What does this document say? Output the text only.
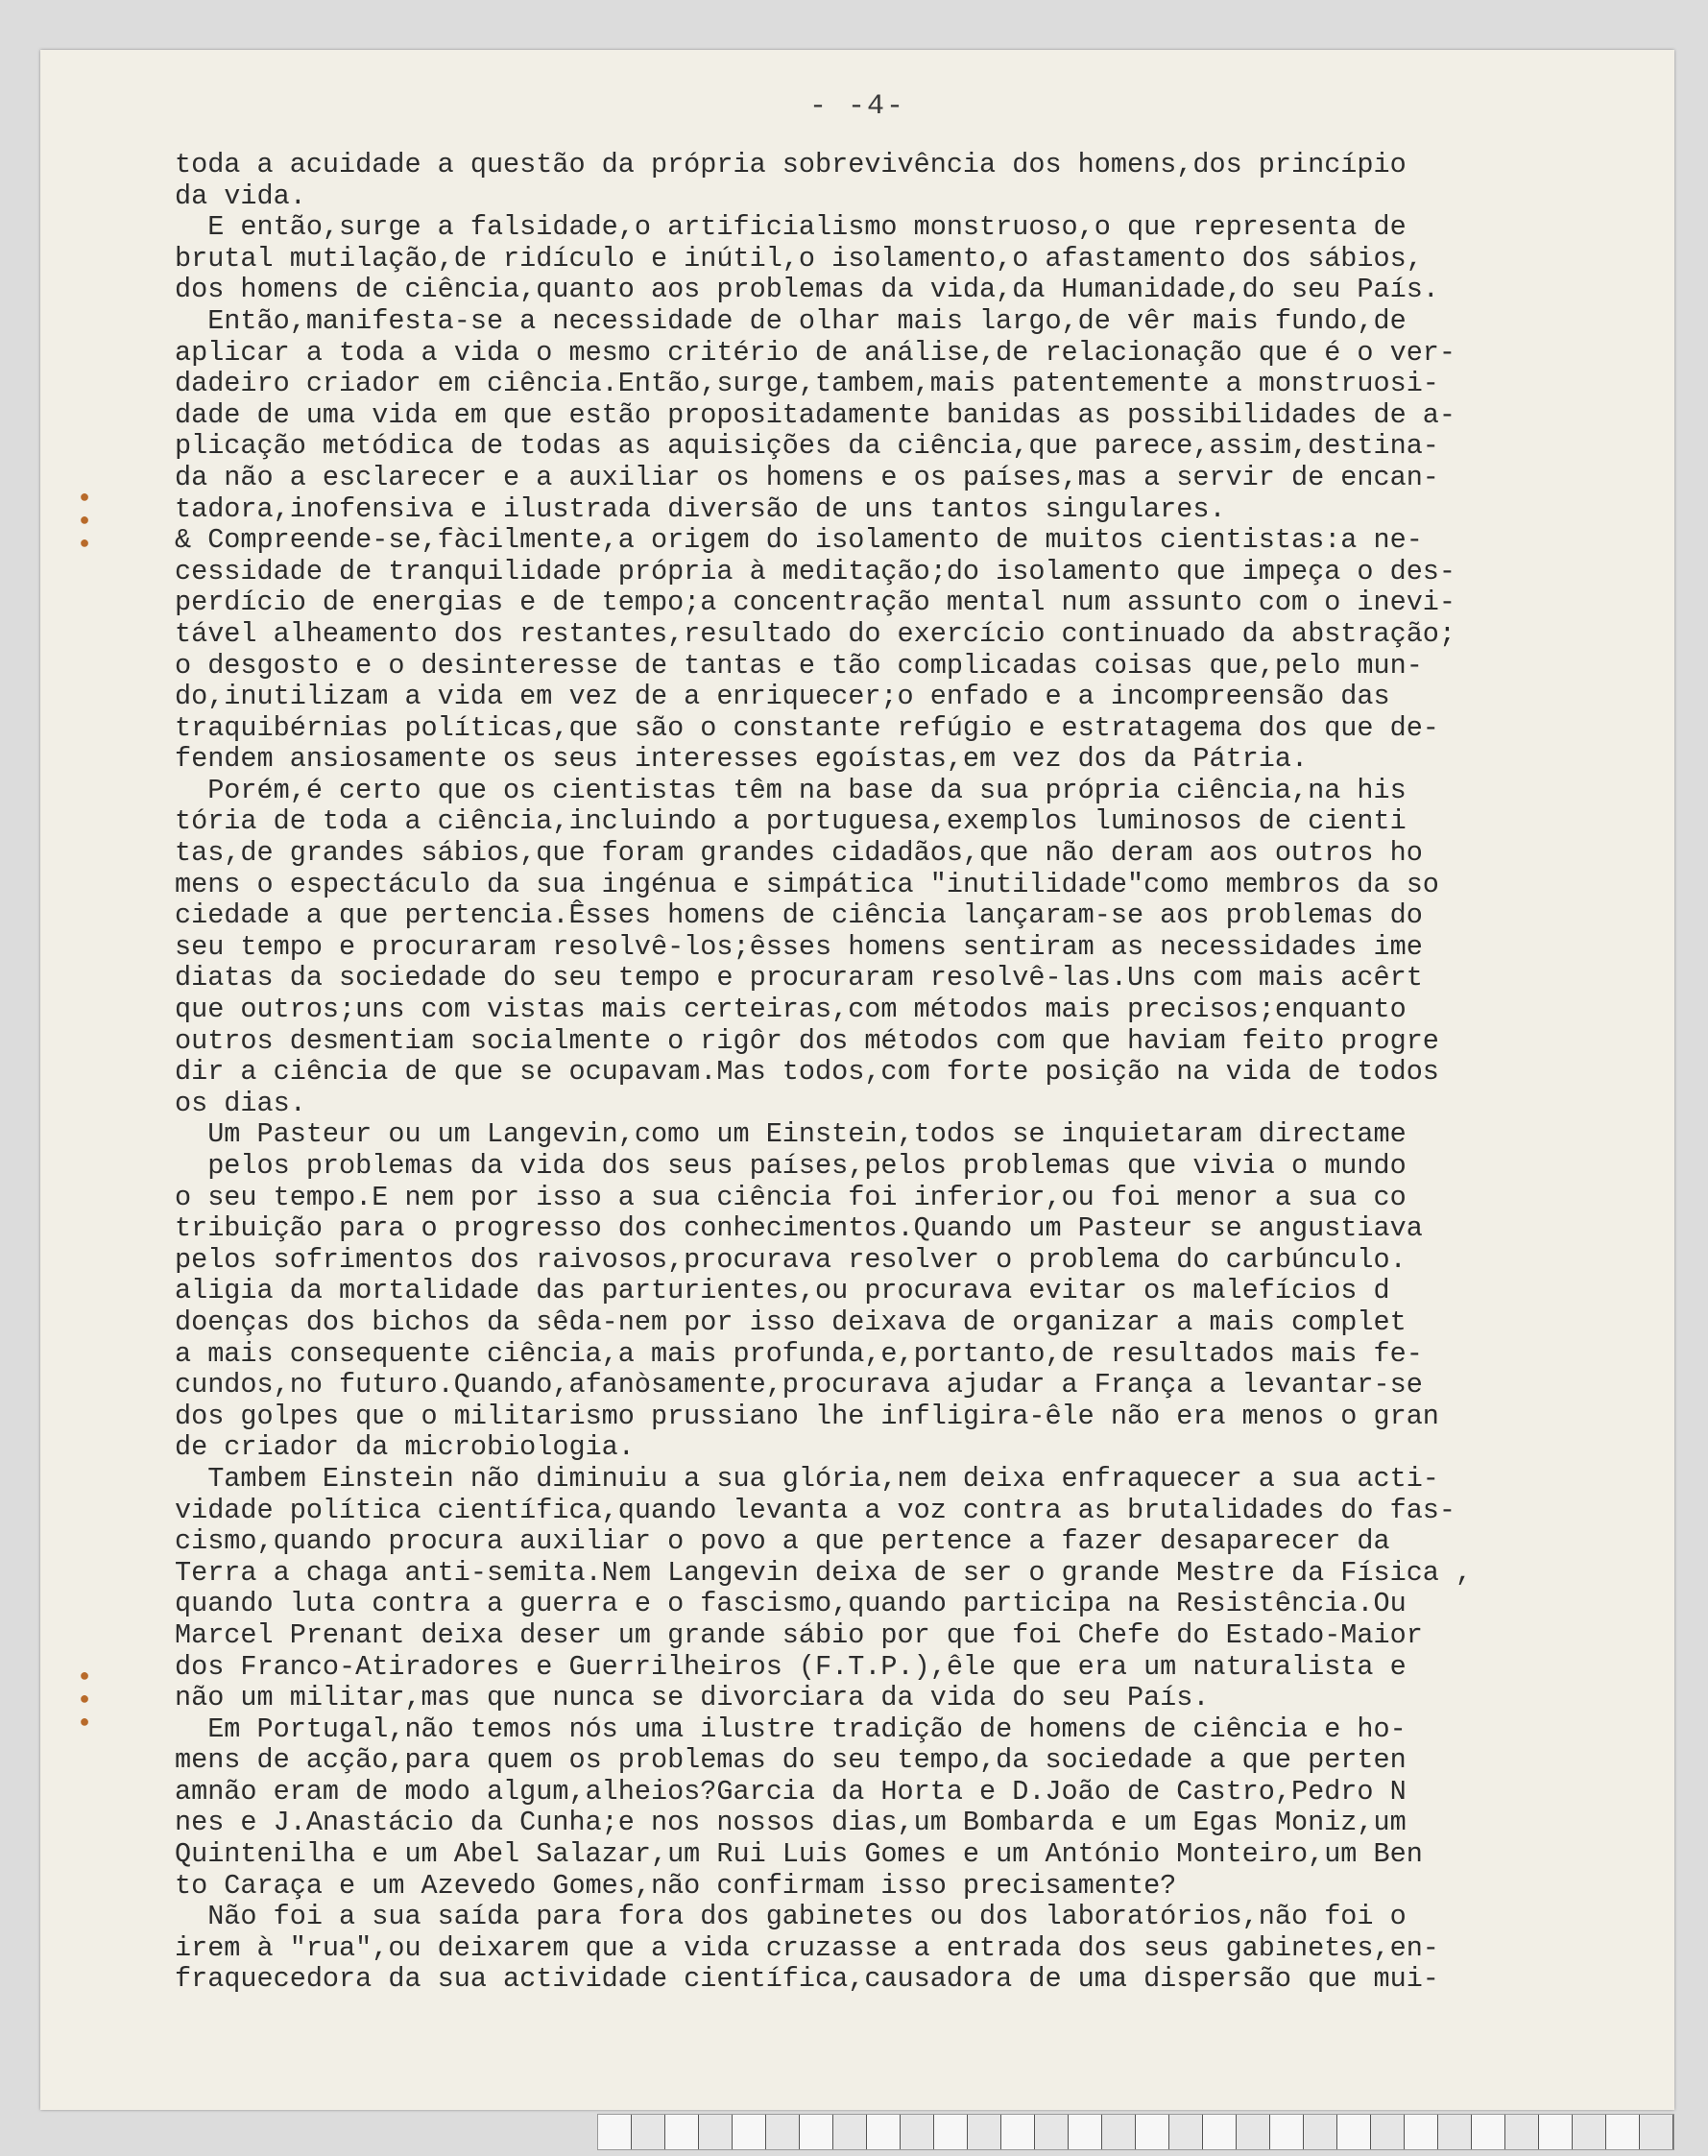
- -4-
●
●
●
●
●
●
toda a acuidade a questão da própria sobrevivência dos homens,dos princípio
da vida.
E então,surge a falsidade,o artificialismo monstruoso,o que representa de
brutal mutilação,de ridículo e inútil,o isolamento,o afastamento dos sábios,
dos homens de ciência,quanto aos problemas da vida,da Humanidade,do seu País.
Então,manifesta-se a necessidade de olhar mais largo,de vêr mais fundo,de
aplicar a toda a vida o mesmo critério de análise,de relacionação que é o ver-
dadeiro criador em ciência.Então,surge,tambem,mais patentemente a monstruosi-
dade de uma vida em que estão propositadamente banidas as possibilidades de a-
plicação metódica de todas as aquisições da ciência,que parece,assim,destina-
da não a esclarecer e a auxiliar os homens e os países,mas a servir de encan-
tadora,inofensiva e ilustrada diversão de uns tantos singulares.
& Compreende-se,fàcilmente,a origem do isolamento de muitos cientistas:a ne-
cessidade de tranquilidade própria à meditação;do isolamento que impeça o des-
perdício de energias e de tempo;a concentração mental num assunto com o inevi-
tável alheamento dos restantes,resultado do exercício continuado da abstração;
o desgosto e o desinteresse de tantas e tão complicadas coisas que,pelo mun-
do,inutilizam a vida em vez de a enriquecer;o enfado e a incompreensão das
traquibérnias políticas,que são o constante refúgio e estratagema dos que de-
fendem ansiosamente os seus interesses egoístas,em vez dos da Pátria.
Porém,é certo que os cientistas têm na base da sua própria ciência,na his
tória de toda a ciência,incluindo a portuguesa,exemplos luminosos de cienti
tas,de grandes sábios,que foram grandes cidadãos,que não deram aos outros ho
mens o espectáculo da sua ingénua e simpática "inutilidade"como membros da so
ciedade a que pertencia.Êsses homens de ciência lançaram-se aos problemas do
seu tempo e procuraram resolvê-los;êsses homens sentiram as necessidades ime
diatas da sociedade do seu tempo e procuraram resolvê-las.Uns com mais acêrt
que outros;uns com vistas mais certeiras,com métodos mais precisos;enquanto
outros desmentiam socialmente o rigôr dos métodos com que haviam feito progre
dir a ciência de que se ocupavam.Mas todos,com forte posição na vida de todos
os dias.
Um Pasteur ou um Langevin,como um Einstein,todos se inquietaram directame
pelos problemas da vida dos seus países,pelos problemas que vivia o mundo
o seu tempo.E nem por isso a sua ciência foi inferior,ou foi menor a sua co
tribuição para o progresso dos conhecimentos.Quando um Pasteur se angustiava
pelos sofrimentos dos raivosos,procurava resolver o problema do carbúnculo.
aligia da mortalidade das parturientes,ou procurava evitar os malefícios d
doenças dos bichos da sêda-nem por isso deixava de organizar a mais complet
a mais consequente ciência,a mais profunda,e,portanto,de resultados mais fe-
cundos,no futuro.Quando,afanòsamente,procurava ajudar a França a levantar-se
dos golpes que o militarismo prussiano lhe infligira-êle não era menos o gran
de criador da microbiologia.
Tambem Einstein não diminuiu a sua glória,nem deixa enfraquecer a sua acti-
vidade política científica,quando levanta a voz contra as brutalidades do fas-
cismo,quando procura auxiliar o povo a que pertence a fazer desaparecer da
Terra a chaga anti-semita.Nem Langevin deixa de ser o grande Mestre da Física ,
quando luta contra a guerra e o fascismo,quando participa na Resistência.Ou
Marcel Prenant deixa deser um grande sábio por que foi Chefe do Estado-Maior
dos Franco-Atiradores e Guerrilheiros (F.T.P.),êle que era um naturalista e
não um militar,mas que nunca se divorciara da vida do seu País.
Em Portugal,não temos nós uma ilustre tradição de homens de ciência e ho-
mens de acção,para quem os problemas do seu tempo,da sociedade a que perten
amnão eram de modo algum,alheios?Garcia da Horta e D.João de Castro,Pedro N
nes e J.Anastácio da Cunha;e nos nossos dias,um Bombarda e um Egas Moniz,um
Quintenilha e um Abel Salazar,um Rui Luis Gomes e um António Monteiro,um Ben
to Caraça e um Azevedo Gomes,não confirmam isso precisamente?
Não foi a sua saída para fora dos gabinetes ou dos laboratórios,não foi o
irem à "rua",ou deixarem que a vida cruzasse a entrada dos seus gabinetes,en-
fraquecedora da sua actividade científica,causadora de uma dispersão que mui-
